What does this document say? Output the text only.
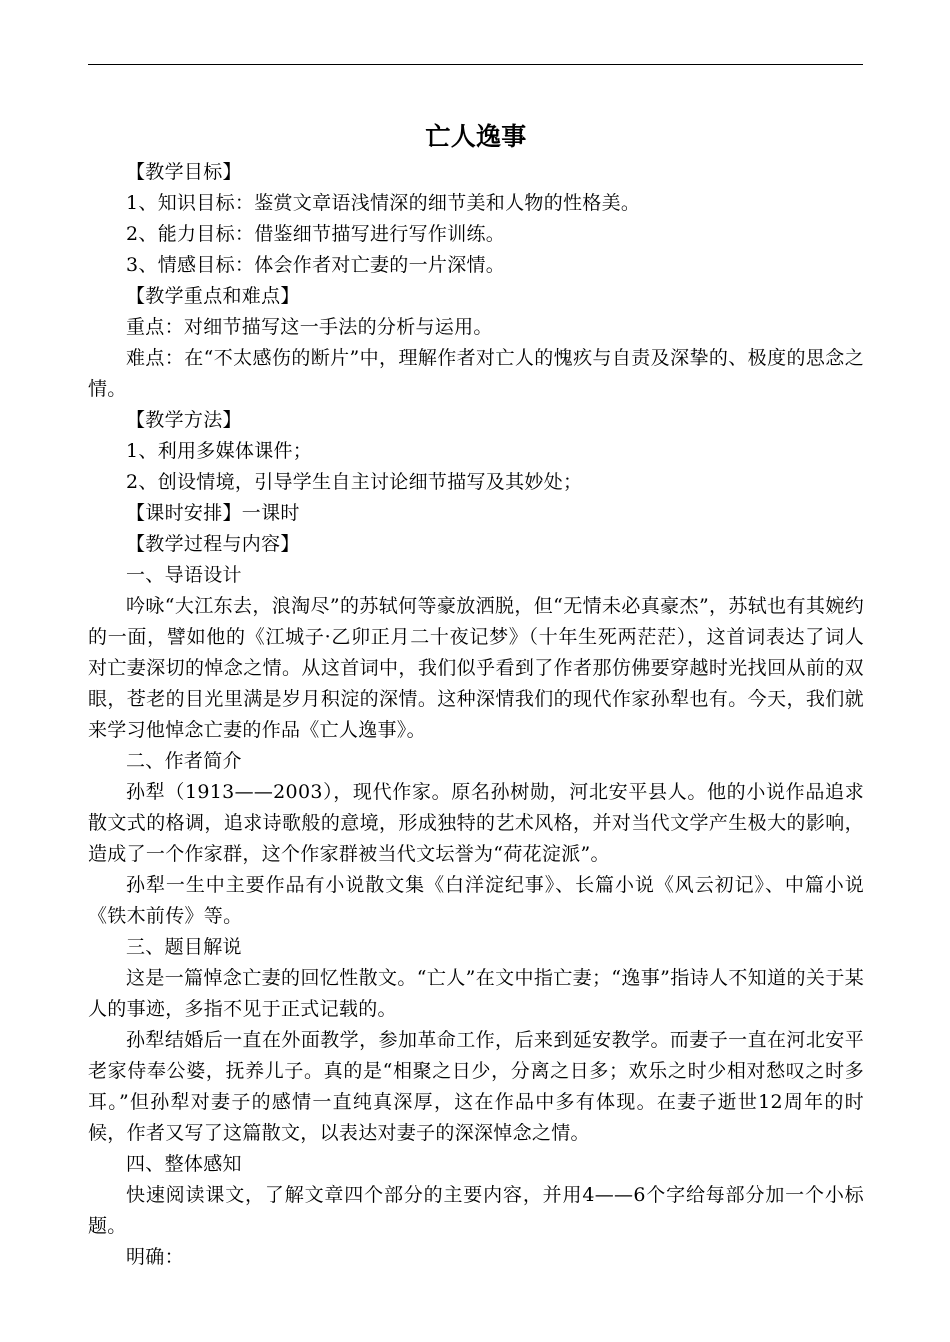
亡人逸事

【教学目标】

1、知识目标：鉴赏文章语浅情深的细节美和人物的性格美。

2、能力目标：借鉴细节描写进行写作训练。

3、情感目标：体会作者对亡妻的一片深情。

【教学重点和难点】

重点：对细节描写这一手法的分析与运用。

难点：在“不太感伤的断片”中，理解作者对亡人的愧疚与自责及深挚的、极度的思念之情。

【教学方法】

1、利用多媒体课件；

2、创设情境，引导学生自主讨论细节描写及其妙处；

【课时安排】一课时

【教学过程与内容】

一、导语设计

吟咏“大江东去，浪淘尽”的苏轼何等豪放洒脱，但“无情未必真豪杰”，苏轼也有其婉约的一面，譬如他的《江城子·乙卯正月二十夜记梦》（十年生死两茫茫），这首词表达了词人对亡妻深切的悼念之情。从这首词中，我们似乎看到了作者那仿佛要穿越时光找回从前的双眼，苍老的目光里满是岁月积淀的深情。这种深情我们的现代作家孙犁也有。今天，我们就来学习他悼念亡妻的作品《亡人逸事》。

二、作者简介

孙犁（1913——2003），现代作家。原名孙树勋，河北安平县人。他的小说作品追求散文式的格调，追求诗歌般的意境，形成独特的艺术风格，并对当代文学产生极大的影响，造成了一个作家群，这个作家群被当代文坛誉为“荷花淀派”。

孙犁一生中主要作品有小说散文集《白洋淀纪事》、长篇小说《风云初记》、中篇小说《铁木前传》等。

三、题目解说

这是一篇悼念亡妻的回忆性散文。“亡人”在文中指亡妻；“逸事”指诗人不知道的关于某人的事迹，多指不见于正式记载的。

孙犁结婚后一直在外面教学，参加革命工作，后来到延安教学。而妻子一直在河北安平老家侍奉公婆，抚养儿子。真的是“相聚之日少，分离之日多；欢乐之时少相对愁叹之时多耳。”但孙犁对妻子的感情一直纯真深厚，这在作品中多有体现。在妻子逝世12周年的时候，作者又写了这篇散文，以表达对妻子的深深悼念之情。

四、整体感知

快速阅读课文，了解文章四个部分的主要内容，并用4——6个字给每部分加一个小标题。

明确：
